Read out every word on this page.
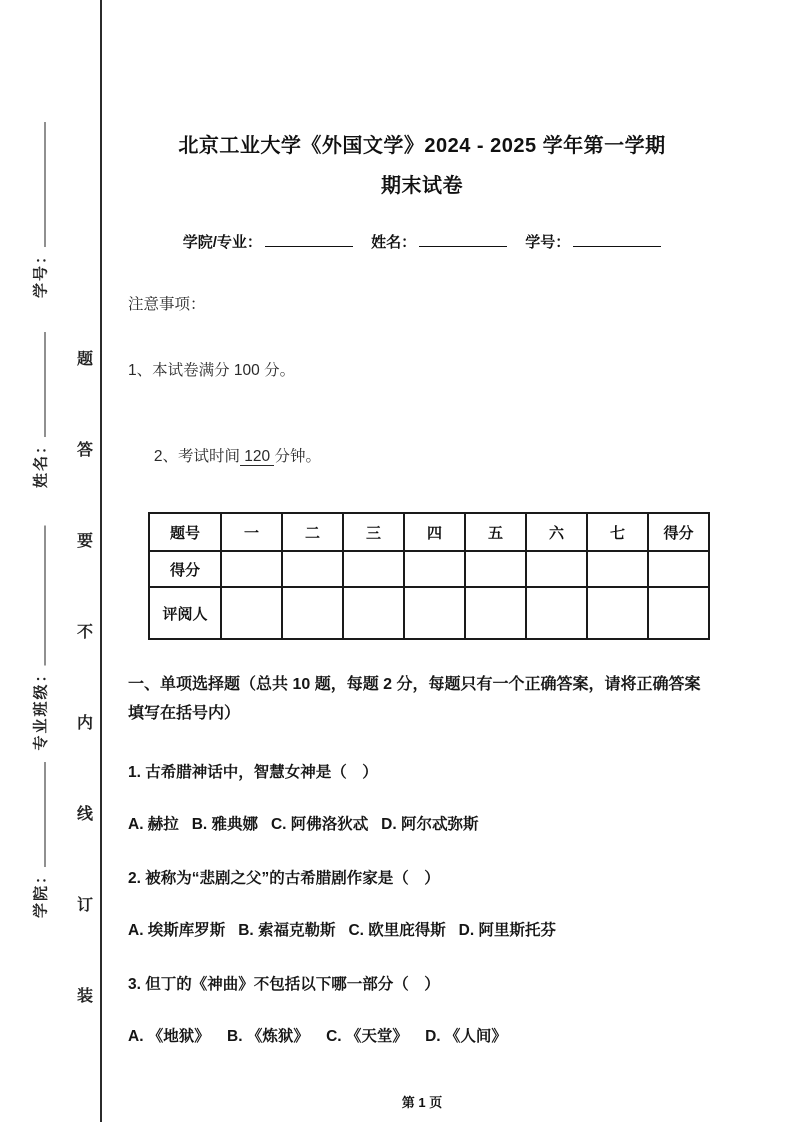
学号：
姓名：
专业班级：
学院：
题
答
要
不
内
线
订
装
北京工业大学《外国文学》2024 - 2025 学年第一学期
期末试卷
学院/专业：	姓名：	学号：
注意事项：
1、本试卷满分 100 分。

2、考试时间 120 分钟。

题号	一	二	三	四	五	六	七	得分
得分								
评阅人								
一、单项选择题（总共 10 题，每题 2 分，每题只有一个正确答案，请将正确答案填写在括号内）
1. 古希腊神话中，智慧女神是（　）
A. 赫拉   B. 雅典娜   C. 阿佛洛狄忒   D. 阿尔忒弥斯
2. 被称为“悲剧之父”的古希腊剧作家是（　）
A. 埃斯库罗斯   B. 索福克勒斯   C. 欧里庇得斯   D. 阿里斯托芬
3. 但丁的《神曲》不包括以下哪一部分（　）
A. 《地狱》    B. 《炼狱》    C. 《天堂》    D. 《人间》
第 1 页
